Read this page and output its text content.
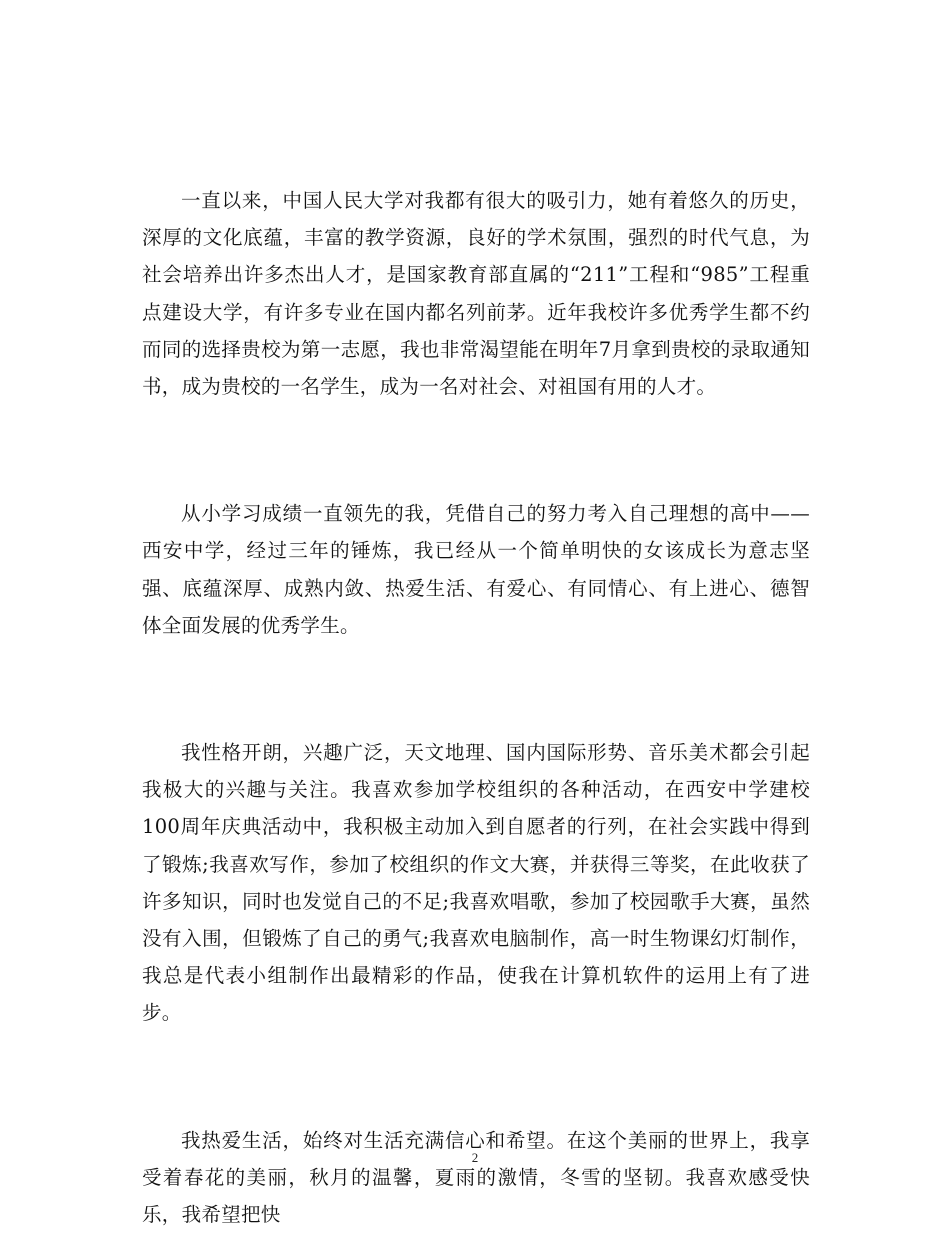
一直以来，中国人民大学对我都有很大的吸引力，她有着悠久的历史，深厚的文化底蕴，丰富的教学资源，良好的学术氛围，强烈的时代气息，为社会培养出许多杰出人才，是国家教育部直属的“211”工程和“985”工程重点建设大学，有许多专业在国内都名列前茅。近年我校许多优秀学生都不约而同的选择贵校为第一志愿，我也非常渴望能在明年7月拿到贵校的录取通知书，成为贵校的一名学生，成为一名对社会、对祖国有用的人才。

从小学习成绩一直领先的我，凭借自己的努力考入自己理想的高中——西安中学，经过三年的锤炼，我已经从一个简单明快的女该成长为意志坚强、底蕴深厚、成熟内敛、热爱生活、有爱心、有同情心、有上进心、德智体全面发展的优秀学生。

我性格开朗，兴趣广泛，天文地理、国内国际形势、音乐美术都会引起我极大的兴趣与关注。我喜欢参加学校组织的各种活动，在西安中学建校100周年庆典活动中，我积极主动加入到自愿者的行列，在社会实践中得到了锻炼;我喜欢写作，参加了校组织的作文大赛，并获得三等奖，在此收获了许多知识，同时也发觉自己的不足;我喜欢唱歌，参加了校园歌手大赛，虽然没有入围，但锻炼了自己的勇气;我喜欢电脑制作，高一时生物课幻灯制作，我总是代表小组制作出最精彩的作品，使我在计算机软件的运用上有了进步。

我热爱生活，始终对生活充满信心和希望。在这个美丽的世界上，我享受着春花的美丽，秋月的温馨，夏雨的激情，冬雪的坚韧。我喜欢感受快乐，我希望把快

2
